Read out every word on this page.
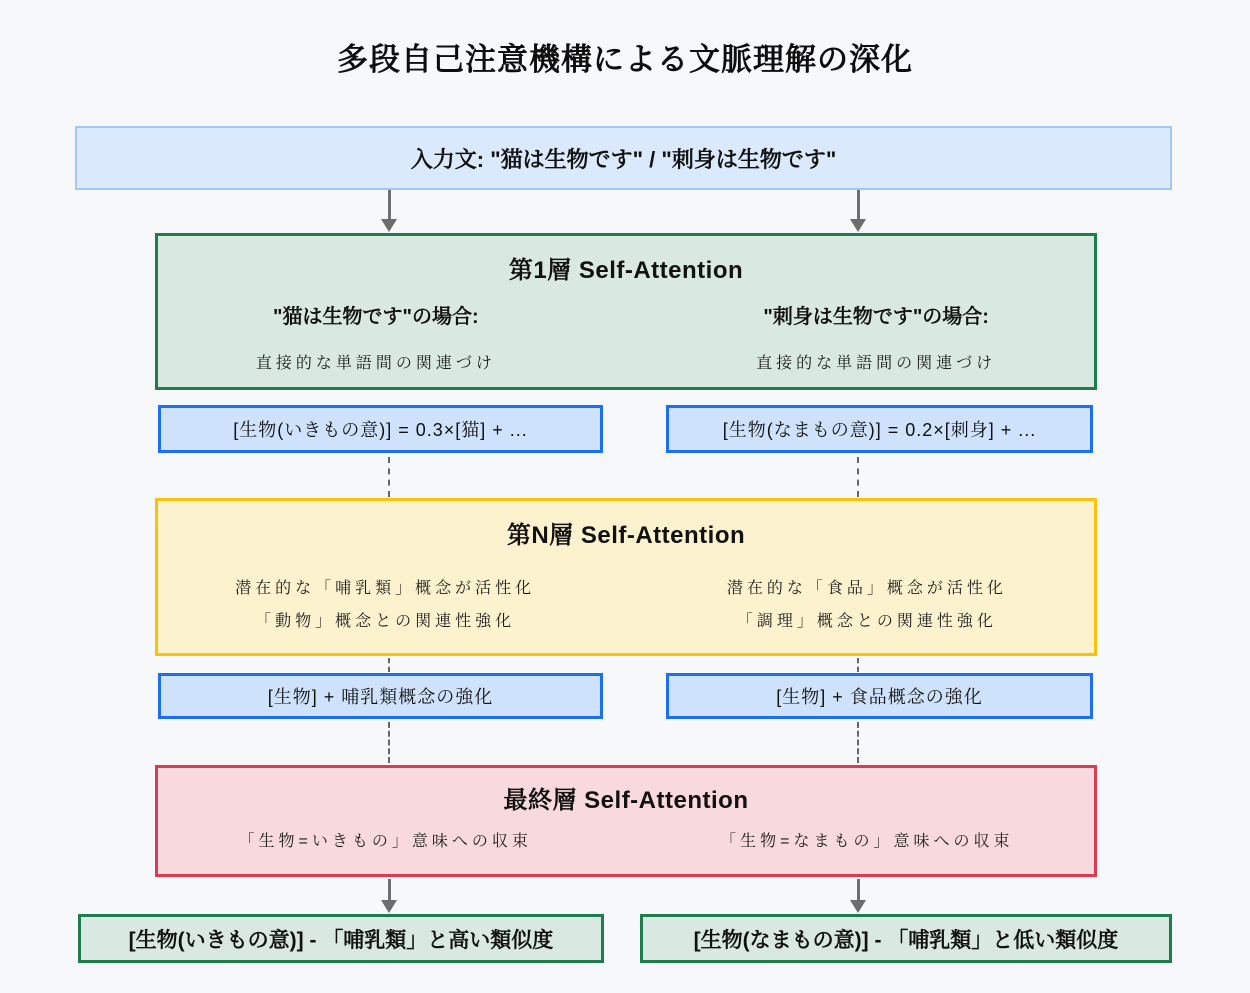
多段自己注意機構による文脈理解の深化
入力文: "猫は生物です" / "刺身は生物です"
第1層 Self-Attention
"猫は生物です"の場合:
直接的な単語間の関連づけ
"刺身は生物です"の場合:
直接的な単語間の関連づけ
[生物(いきもの意)] = 0.3×[猫] + ...	[生物(なまもの意)] = 0.2×[刺身] + ...
第N層 Self-Attention
潜在的な「哺乳類」概念が活性化
「動物」概念との関連性強化
潜在的な「食品」概念が活性化
「調理」概念との関連性強化
[生物] + 哺乳類概念の強化	[生物] + 食品概念の強化
最終層 Self-Attention
「生物=いきもの」意味への収束	「生物=なまもの」意味への収束
[生物(いきもの意)] - 「哺乳類」と高い類似度	[生物(なまもの意)] - 「哺乳類」と低い類似度
